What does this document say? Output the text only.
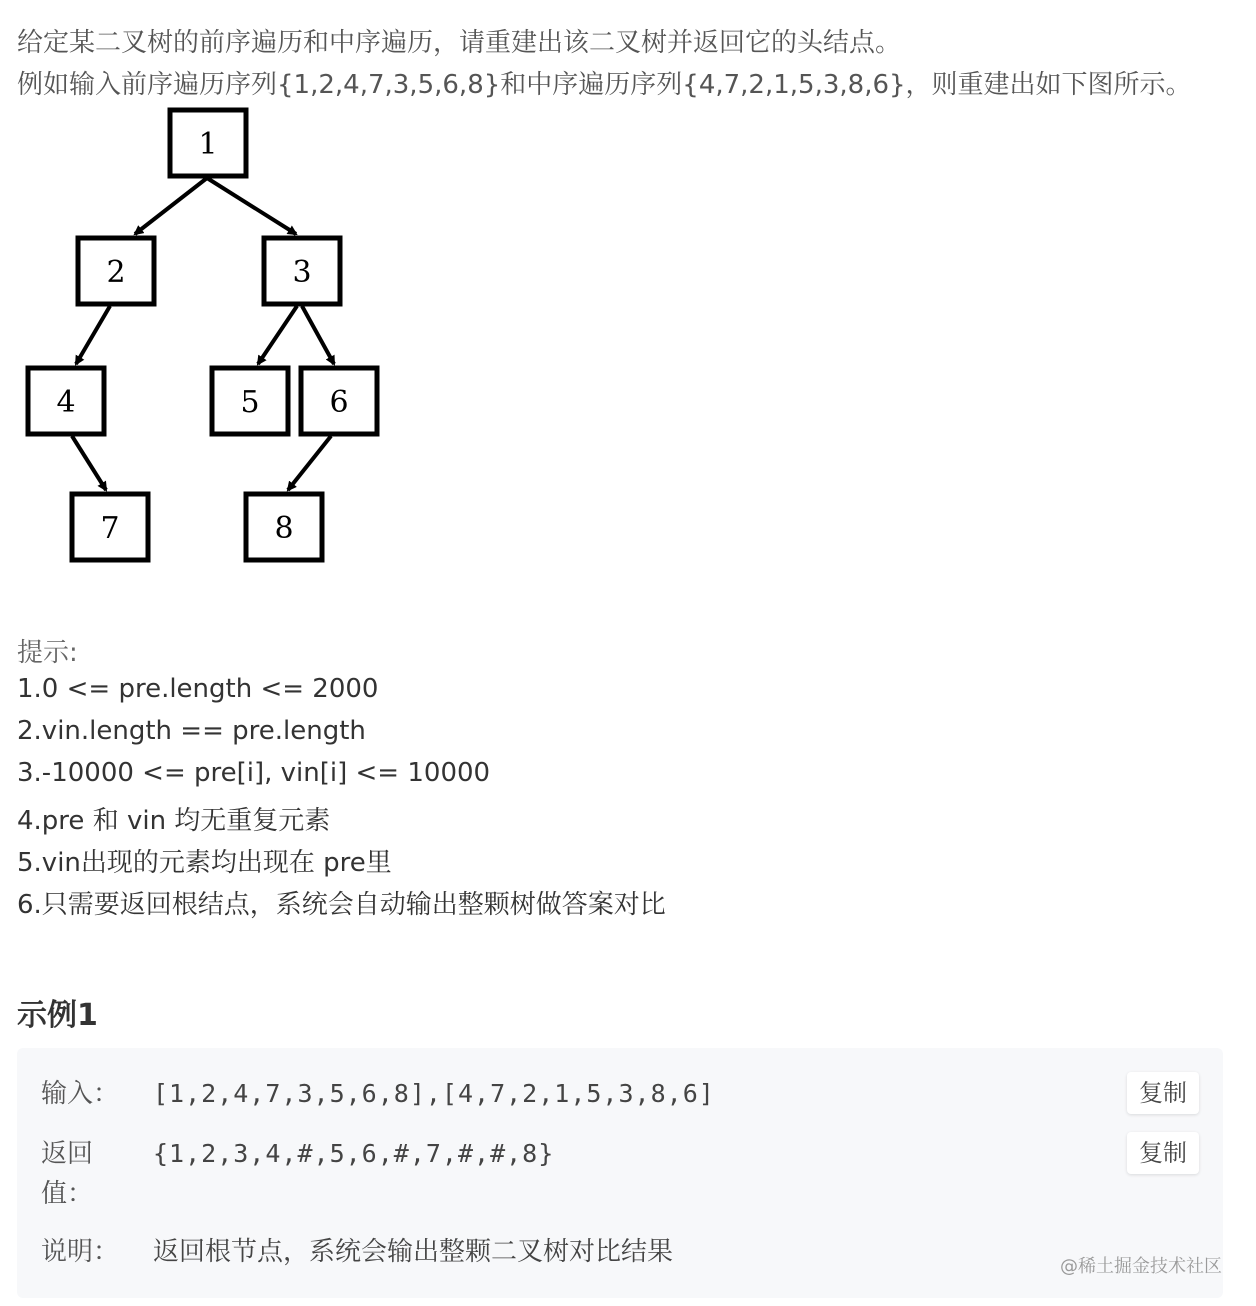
给定某二叉树的前序遍历和中序遍历，请重建出该二叉树并返回它的头结点。
例如输入前序遍历序列{1,2,4,7,3,5,6,8}和中序遍历序列{4,7,2,1,5,3,8,6}，则重建出如下图所示。
1
2	3
4	5 6
7	8
提示:
1.0 <= pre.length <= 2000
2.vin.length == pre.length
3.-10000 <= pre[i], vin[i] <= 10000
4.pre 和 vin 均无重复元素
5.vin出现的元素均出现在 pre里
6.只需要返回根结点，系统会自动输出整颗树做答案对比
示例1
输入： [1,2,4,7,3,5,6,8],[4,7,2,1,5,3,8,6]	复制
返回
值：
{1,2,3,4,#,5,6,#,7,#,#,8}	复制
说明： 返回根节点，系统会输出整颗二叉树对比结果	@稀土掘金技术社区
